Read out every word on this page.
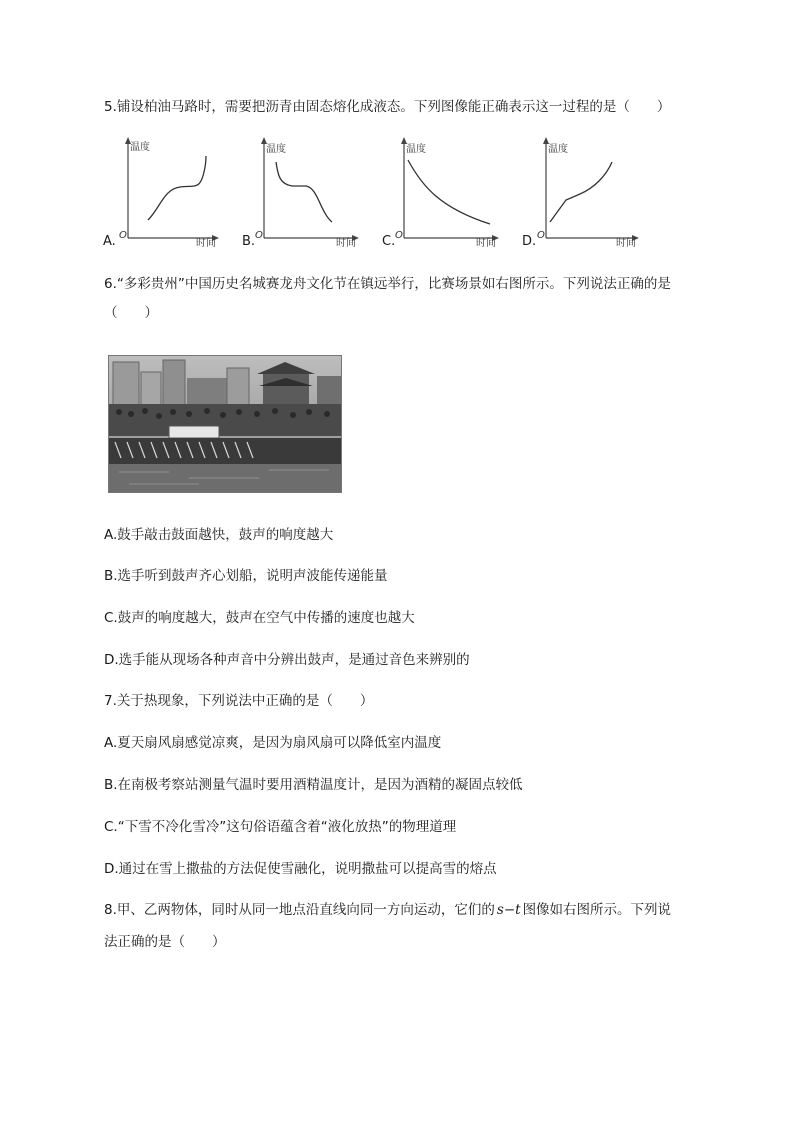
5.铺设柏油马路时，需要把沥青由固态熔化成液态。下列图像能正确表示这一过程的是（　　）
温度
时间
O
A.
温度
时间
O
B.
温度
时间
O
C.
温度
时间
O
D.
6.“多彩贵州”中国历史名城赛龙舟文化节在镇远举行，比赛场景如右图所示。下列说法正确的是
（　　）
A.鼓手敲击鼓面越快，鼓声的响度越大
B.选手听到鼓声齐心划船，说明声波能传递能量
C.鼓声的响度越大，鼓声在空气中传播的速度也越大
D.选手能从现场各种声音中分辨出鼓声，是通过音色来辨别的
7.关于热现象，下列说法中正确的是（　　）
A.夏天扇风扇感觉凉爽，是因为扇风扇可以降低室内温度
B.在南极考察站测量气温时要用酒精温度计，是因为酒精的凝固点较低
C.“下雪不冷化雪冷”这句俗语蕴含着“液化放热”的物理道理
D.通过在雪上撒盐的方法促使雪融化，说明撒盐可以提高雪的熔点
8.甲、乙两物体，同时从同一地点沿直线向同一方向运动，它们的 s−t 图像如右图所示。下列说
法正确的是（　　）
